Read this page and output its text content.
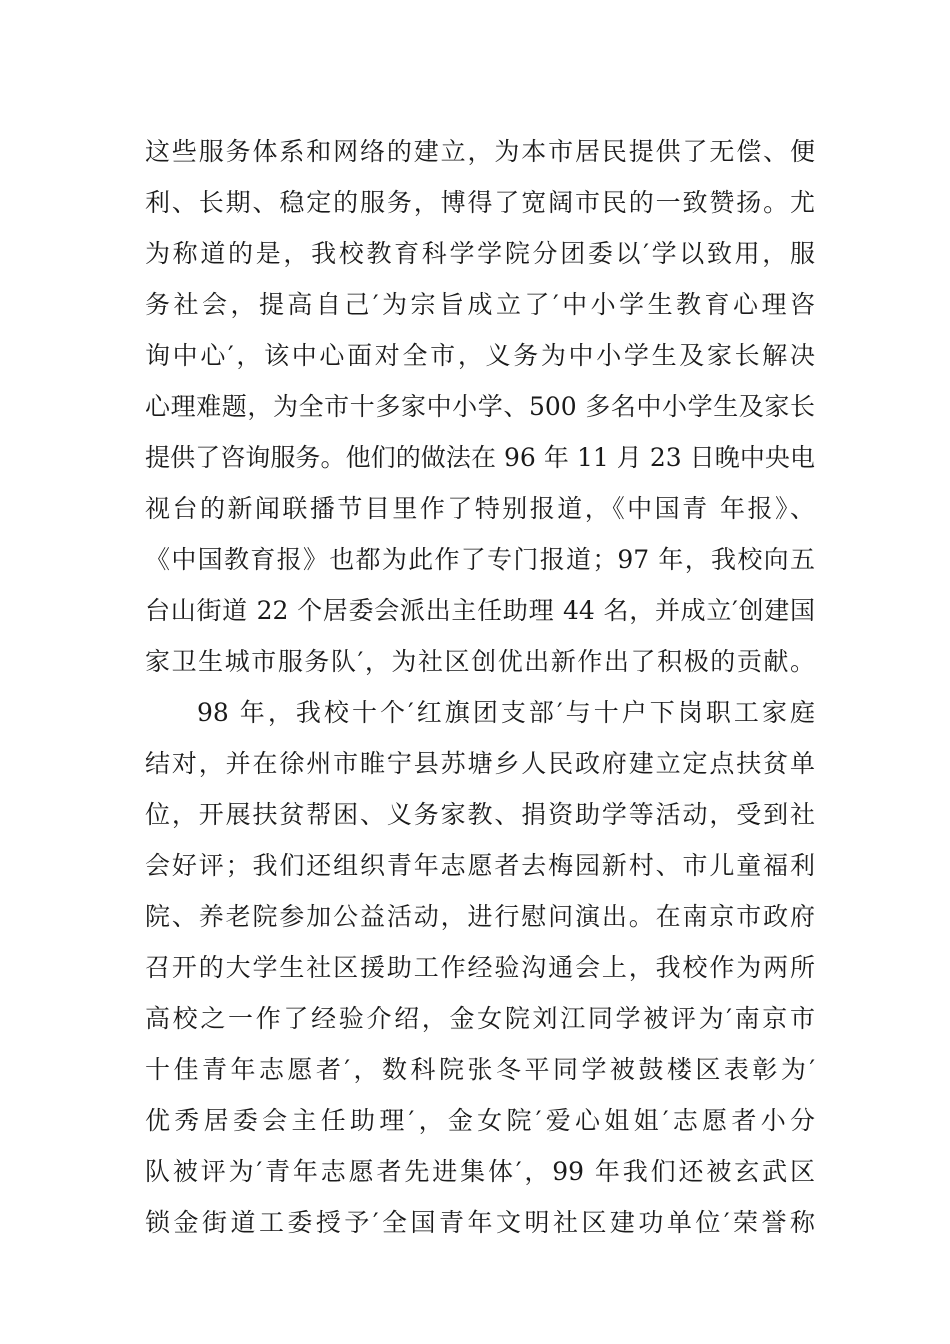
这些服务体系和网络的建立，为本市居民提供了无偿、便
利、长期、稳定的服务，博得了宽阔市民的一致赞扬。尤
为称道的是，我校教育科学学院分团委以′学以致用，服
务社会，提高自己′为宗旨成立了′中小学生教育心理咨
询中心′，该中心面对全市，义务为中小学生及家长解决
心理难题，为全市十多家中小学、500 多名中小学生及家长
提供了咨询服务。他们的做法在 96 年 11 月 23 日晚中央电
视台的新闻联播节目里作了特别报道，《中国青 年报》、
《中国教育报》也都为此作了专门报道；97 年，我校向五
台山街道 22 个居委会派出主任助理 44 名，并成立′创建国
家卫生城市服务队′，为社区创优出新作出了积极的贡献。
98 年，我校十个′红旗团支部′与十户下岗职工家庭
结对，并在徐州市睢宁县苏塘乡人民政府建立定点扶贫单
位，开展扶贫帮困、义务家教、捐资助学等活动，受到社
会好评；我们还组织青年志愿者去梅园新村、市儿童福利
院、养老院参加公益活动，进行慰问演出。在南京市政府
召开的大学生社区援助工作经验沟通会上，我校作为两所
高校之一作了经验介绍，金女院刘江同学被评为′南京市
十佳青年志愿者′，数科院张冬平同学被鼓楼区表彰为′
优秀居委会主任助理′，金女院′爱心姐姐′志愿者小分
队被评为′青年志愿者先进集体′，99 年我们还被玄武区
锁金街道工委授予′全国青年文明社区建功单位′荣誉称
